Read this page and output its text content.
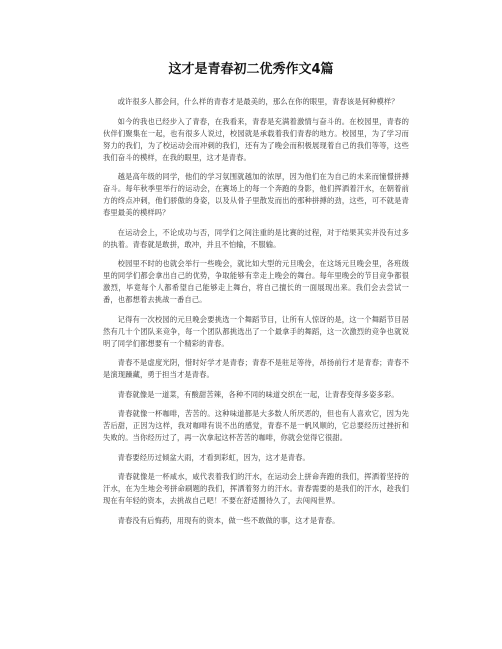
这才是青春初二优秀作文4篇

或许很多人都会问，什么样的青春才是最美的，那么在你的眼里，青春该是何种模样？

如今的我也已经步入了青春，在我看来，青春是充满着激情与奋斗的。在校园里，青春的伙伴们聚集在一起，也有很多人说过，校园就是承载着我们青春的地方。校园里，为了学习而努力的我们，为了校运动会而冲刺的我们，还有为了晚会而积极展现着自己的我们等等，这些我们奋斗的模样，在我的眼里，这才是青春。

越是高年级的同学，他们的学习氛围就越加的浓厚，因为他们在为自己的未来而憧憬拼搏奋斗。每年秋季里举行的运动会，在赛场上的每一个奔跑的身影，他们挥洒着汗水，在朝着前方的终点冲刺，他们骄傲的身姿，以及从骨子里散发而出的那种拼搏的劲，这些，可不就是青春里最美的模样吗？

在运动会上，不论成功与否，同学们之间注重的是比赛的过程，对于结果其实并没有过多的执着。青春就是敢拼，敢冲，并且不怕输，不服输。

校园里不时的也就会举行一些晚会，就比如大型的元旦晚会，在这场元旦晚会里，各班级里的同学们都会拿出自己的优势，争取能够有幸走上晚会的舞台。每年里晚会的节目竞争都很激烈，毕竟每个人都希望自己能够走上舞台，将自己擅长的一面展现出来。我们会去尝试一番，也都想着去挑战一番自己。

记得有一次校园的元旦晚会要挑选一个舞蹈节目，让所有人惊讶的是，这一个舞蹈节目居然有几十个团队来竞争，每一个团队都挑选出了一个最拿手的舞蹈，这一次激烈的竞争也就说明了同学们都想要有一个精彩的青春。

青春不是虚度光阴，惜时好学才是青春；青春不是驻足等待，昂扬前行才是青春；青春不是演现躁藏，勇于担当才是青春。

青春就像是一道菜，有酸甜苦辣，各种不同的味道交织在一起，让青春变得多姿多彩。

青春就像一杯咖啡，苦苦的。这种味道都是大多数人所厌恶的，但也有人喜欢它，因为先苦后甜，正因为这样，我对咖啡有说不出的感觉，青春不是一帆风顺的，它总要经历过挫折和失败的。当你经历过了，再一次拿起这杯苦苦的咖啡，你就会觉得它很甜。

青春要经历过倾盆大雨，才看到彩虹，因为，这才是青春。

青春就像是一杯咸水，咸代表着我们的汗水，在运动会上拼命奔跑的我们，挥洒着坚持的汗水，在为生地会考拼命刷题的我们，挥洒着努力的汗水。青春需要的是我们的汗水，趁我们现在有年轻的资本，去挑战自己吧！不要在舒适圈待久了，去闯闯世界。

青春没有后悔药，用现有的资本，做一些不敢做的事，这才是青春。
